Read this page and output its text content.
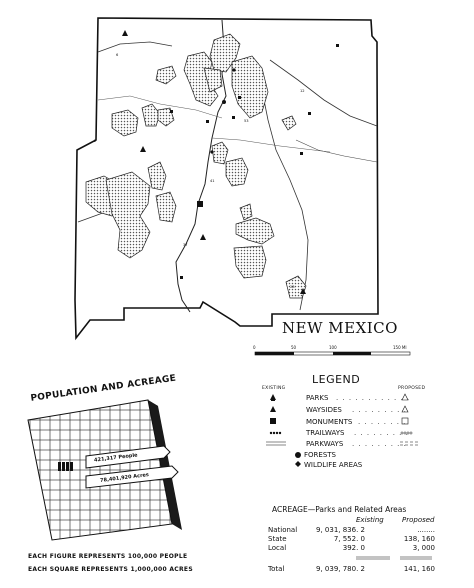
37
41
12
53
28
2
6
NEW MEXICO
0	50	100	150 MI
LEGEND
EXISTING	PROPOSED
PARKS . . . . . . . . . . . .
WAYSIDES . . . . . . . . .
MONUMENTS . . . . . . . .
TRAILWAYS . . . . . . . . .
PARKWAYS . . . . . . . . .
FORESTS
WILDLIFE AREAS
POPULATION AND ACREAGE
421,317 People
78,401,920 Acres
EACH FIGURE REPRESENTS 100,000 PEOPLE
EACH SQUARE REPRESENTS 1,000,000 ACRES
ACREAGE—Parks and Related Areas
Existing	Proposed
National	9, 031, 836. 2	........
State	7, 552. 0	138, 160
Local	392. 0	3, 000
Total	9, 039, 780. 2	141, 160
